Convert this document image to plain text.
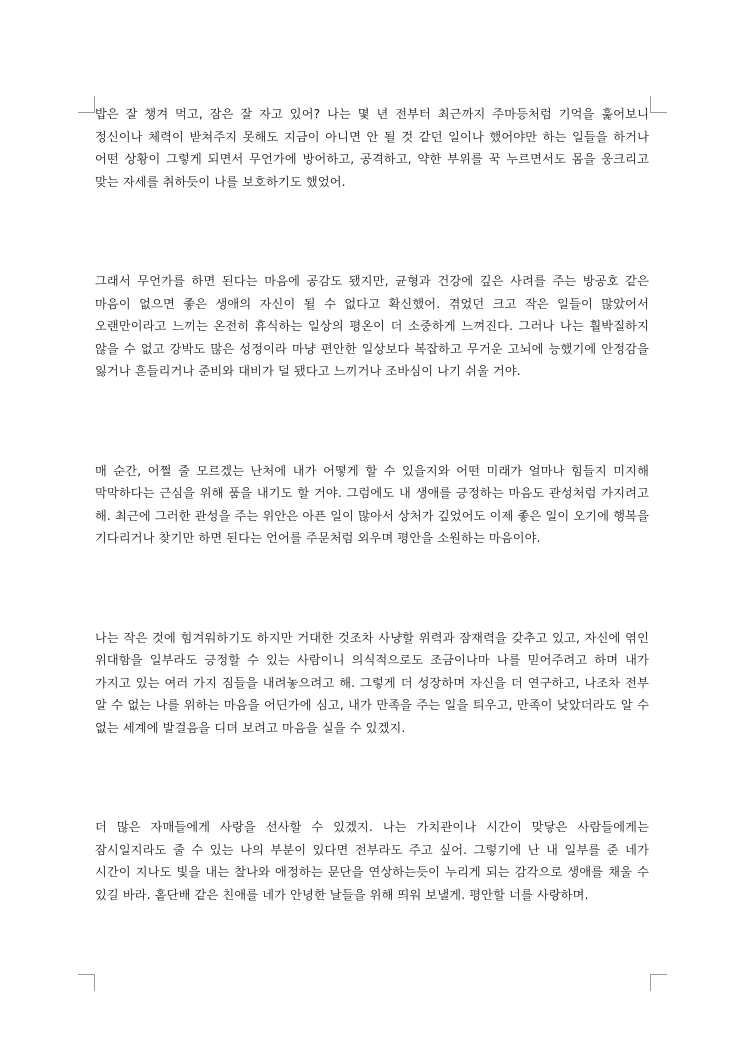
밥은 잘 챙겨 먹고, 잠은 잘 자고 있어? 나는 몇 년 전부터 최근까지 주마등처럼 기억을 훑어보니 정신이나 체력이 받쳐주지 못해도 지금이 아니면 안 될 것 같던 일이나 했어야만 하는 일들을 하거나 어떤 상황이 그렇게 되면서 무언가에 방어하고, 공격하고, 약한 부위를 꾹 누르면서도 몸을 웅크리고 맞는 자세를 취하듯이 나를 보호하기도 했었어.

그래서 무언가를 하면 된다는 마음에 공감도 됐지만, 균형과 건강에 깊은 사려를 주는 방공호 같은 마음이 없으면 좋은 생애의 자신이 될 수 없다고 확신했어. 겪었던 크고 작은 일들이 많았어서 오랜만이라고 느끼는 온전히 휴식하는 일상의 평온이 더 소중하게 느껴진다. 그러나 나는 훨박질하지 않을 수 없고 강박도 많은 성정이라 마냥 편안한 일상보다 복잡하고 무거운 고뇌에 능했기에 안정감을 잃거나 흔들리거나 준비와 대비가 덜 됐다고 느끼거나 조바심이 나기 쉬울 거야.

매 순간, 어쩔 줄 모르겠는 난처에 내가 어떻게 할 수 있을지와 어떤 미래가 얼마나 힘들지 미지해 막막하다는 근심을 위해 품을 내기도 할 거야. 그럼에도 내 생애를 긍정하는 마음도 관성처럼 가지려고 해. 최근에 그러한 관성을 주는 위안은 아픈 일이 많아서 상처가 깊었어도 이제 좋은 일이 오기에 행복을 기다리거나 찾기만 하면 된다는 언어를 주문처럼 외우며 평안을 소원하는 마음이야.

나는 작은 것에 힘겨워하기도 하지만 거대한 것조차 사냥할 위력과 잠재력을 갖추고 있고, 자신에 엮인 위대함을 일부라도 긍정할 수 있는 사람이니 의식적으로도 조금이나마 나를 믿어주려고 하며 내가 가지고 있는 여러 가지 짐들을 내려놓으려고 해. 그렇게 더 성장하며 자신을 더 연구하고, 나조차 전부 알 수 없는 나를 위하는 마음을 어딘가에 심고, 내가 만족을 주는 일을 틔우고, 만족이 낮았더라도 알 수 없는 세계에 발걸음을 디뎌 보려고 마음을 실을 수 있겠지.

더 많은 자매들에게 사랑을 선사할 수 있겠지. 나는 가치관이나 시간이 맞닿은 사람들에게는 잠시일지라도 줄 수 있는 나의 부분이 있다면 전부라도 주고 싶어. 그렇기에 난 내 일부를 준 네가 시간이 지나도 빛을 내는 찰나와 애정하는 문단을 연상하는듯이 누리게 되는 감각으로 생애를 채울 수 있길 바라. 홑단배 같은 친애를 네가 안녕한 날들을 위해 띄워 보낼게. 평안할 너를 사랑하며.
